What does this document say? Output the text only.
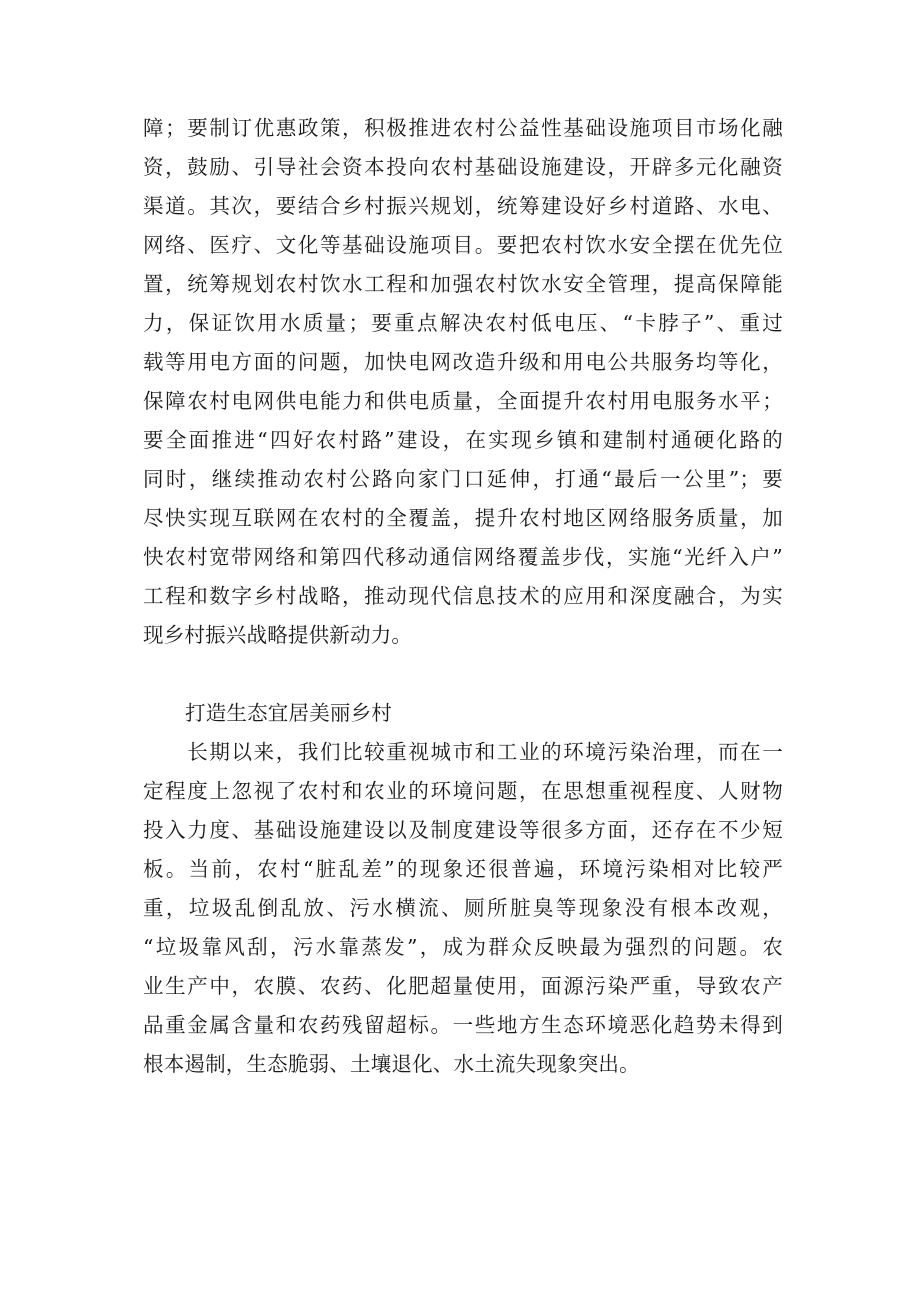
障；要制订优惠政策，积极推进农村公益性基础设施项目市场化融
资，鼓励、引导社会资本投向农村基础设施建设，开辟多元化融资
渠道。其次，要结合乡村振兴规划，统筹建设好乡村道路、水电、
网络、医疗、文化等基础设施项目。要把农村饮水安全摆在优先位
置，统筹规划农村饮水工程和加强农村饮水安全管理，提高保障能
力，保证饮用水质量；要重点解决农村低电压、“卡脖子”、重过
载等用电方面的问题，加快电网改造升级和用电公共服务均等化，
保障农村电网供电能力和供电质量，全面提升农村用电服务水平；
要全面推进“四好农村路”建设，在实现乡镇和建制村通硬化路的
同时，继续推动农村公路向家门口延伸，打通“最后一公里”；要
尽快实现互联网在农村的全覆盖，提升农村地区网络服务质量，加
快农村宽带网络和第四代移动通信网络覆盖步伐，实施“光纤入户”
工程和数字乡村战略，推动现代信息技术的应用和深度融合，为实
现乡村振兴战略提供新动力。
打造生态宜居美丽乡村
　　长期以来，我们比较重视城市和工业的环境污染治理，而在一
定程度上忽视了农村和农业的环境问题，在思想重视程度、人财物
投入力度、基础设施建设以及制度建设等很多方面，还存在不少短
板。当前，农村“脏乱差”的现象还很普遍，环境污染相对比较严
重，垃圾乱倒乱放、污水横流、厕所脏臭等现象没有根本改观，
“垃圾靠风刮，污水靠蒸发”，成为群众反映最为强烈的问题。农
业生产中，农膜、农药、化肥超量使用，面源污染严重，导致农产
品重金属含量和农药残留超标。一些地方生态环境恶化趋势未得到
根本遏制，生态脆弱、土壤退化、水土流失现象突出。
